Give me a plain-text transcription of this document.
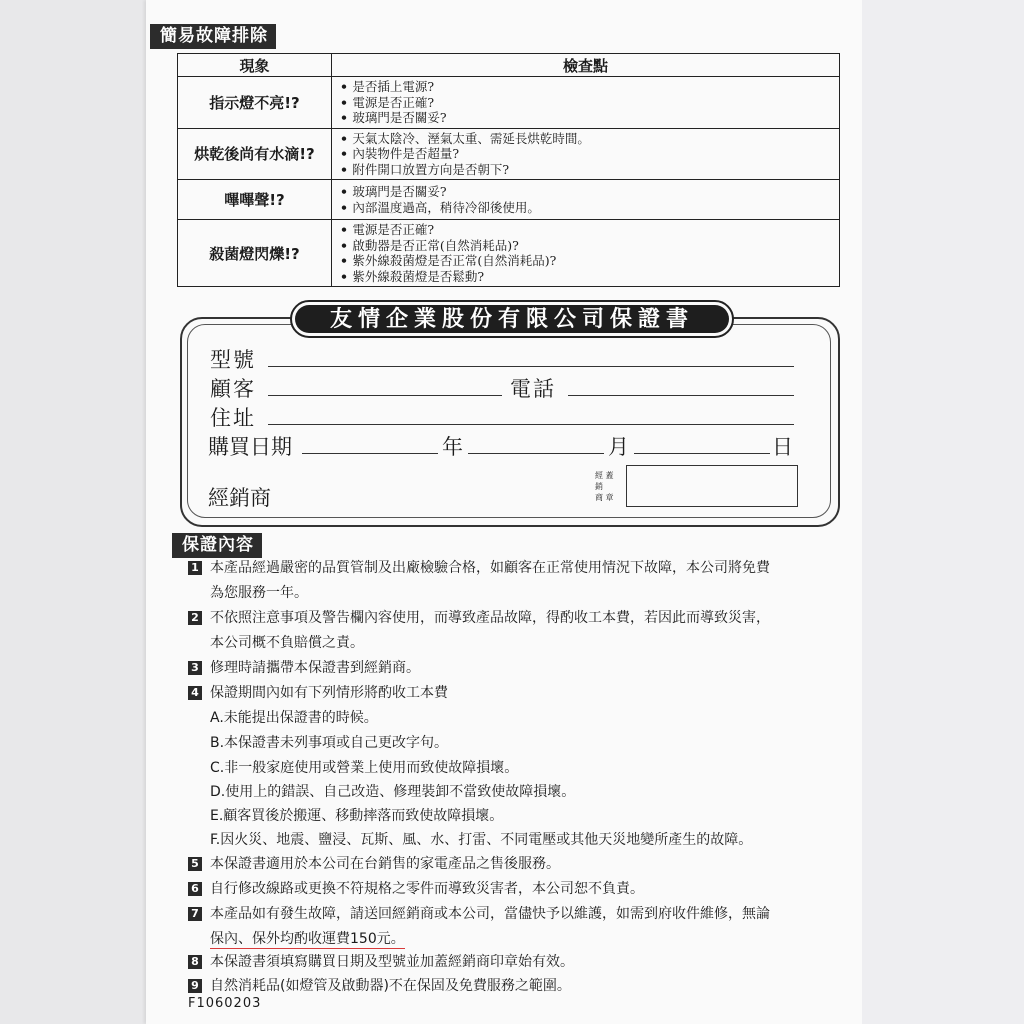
簡易故障排除
現象	檢查點
指示燈不亮!?	• 是否插上電源?
• 電源是否正確?
• 玻璃門是否關妥?

烘乾後尚有水滴!?	• 天氣太陰冷、溼氣太重、需延長烘乾時間。
• 內裝物件是否超量?
• 附件開口放置方向是否朝下?

嗶嗶聲!?	• 玻璃門是否關妥?
• 內部溫度過高，稍待冷卻後使用。

殺菌燈閃爍!?	• 電源是否正確?
• 啟動器是否正常(自然消耗品)?
• 紫外線殺菌燈是否正常(自然消耗品)?
• 紫外線殺菌燈是否鬆動?
友情企業股份有限公司保證書
型號
顧客	電話
住址
購買日期	年	月	日
經銷商
經 蓋
銷
商 章
保證內容
1 本產品經過嚴密的品質管制及出廠檢驗合格，如顧客在正常使用情況下故障，本公司將免費
為您服務一年。
2 不依照注意事項及警告欄內容使用，而導致產品故障，得酌收工本費，若因此而導致災害，
本公司概不負賠償之責。
3 修理時請攜帶本保證書到經銷商。
4 保證期間內如有下列情形將酌收工本費
A.未能提出保證書的時候。
B.本保證書未列事項或自己更改字句。
C.非一般家庭使用或營業上使用而致使故障損壞。
D.使用上的錯誤、自己改造、修理裝卸不當致使故障損壞。
E.顧客買後於搬運、移動摔落而致使故障損壞。
F.因火災、地震、鹽浸、瓦斯、風、水、打雷、不同電壓或其他天災地變所產生的故障。
5 本保證書適用於本公司在台銷售的家電產品之售後服務。
6 自行修改線路或更換不符規格之零件而導致災害者，本公司恕不負責。
7 本產品如有發生故障，請送回經銷商或本公司，當儘快予以維護，如需到府收件維修，無論
保內、保外均酌收運費150元。
8 本保證書須填寫購買日期及型號並加蓋經銷商印章始有效。
9 自然消耗品(如燈管及啟動器)不在保固及免費服務之範圍。
F1060203
